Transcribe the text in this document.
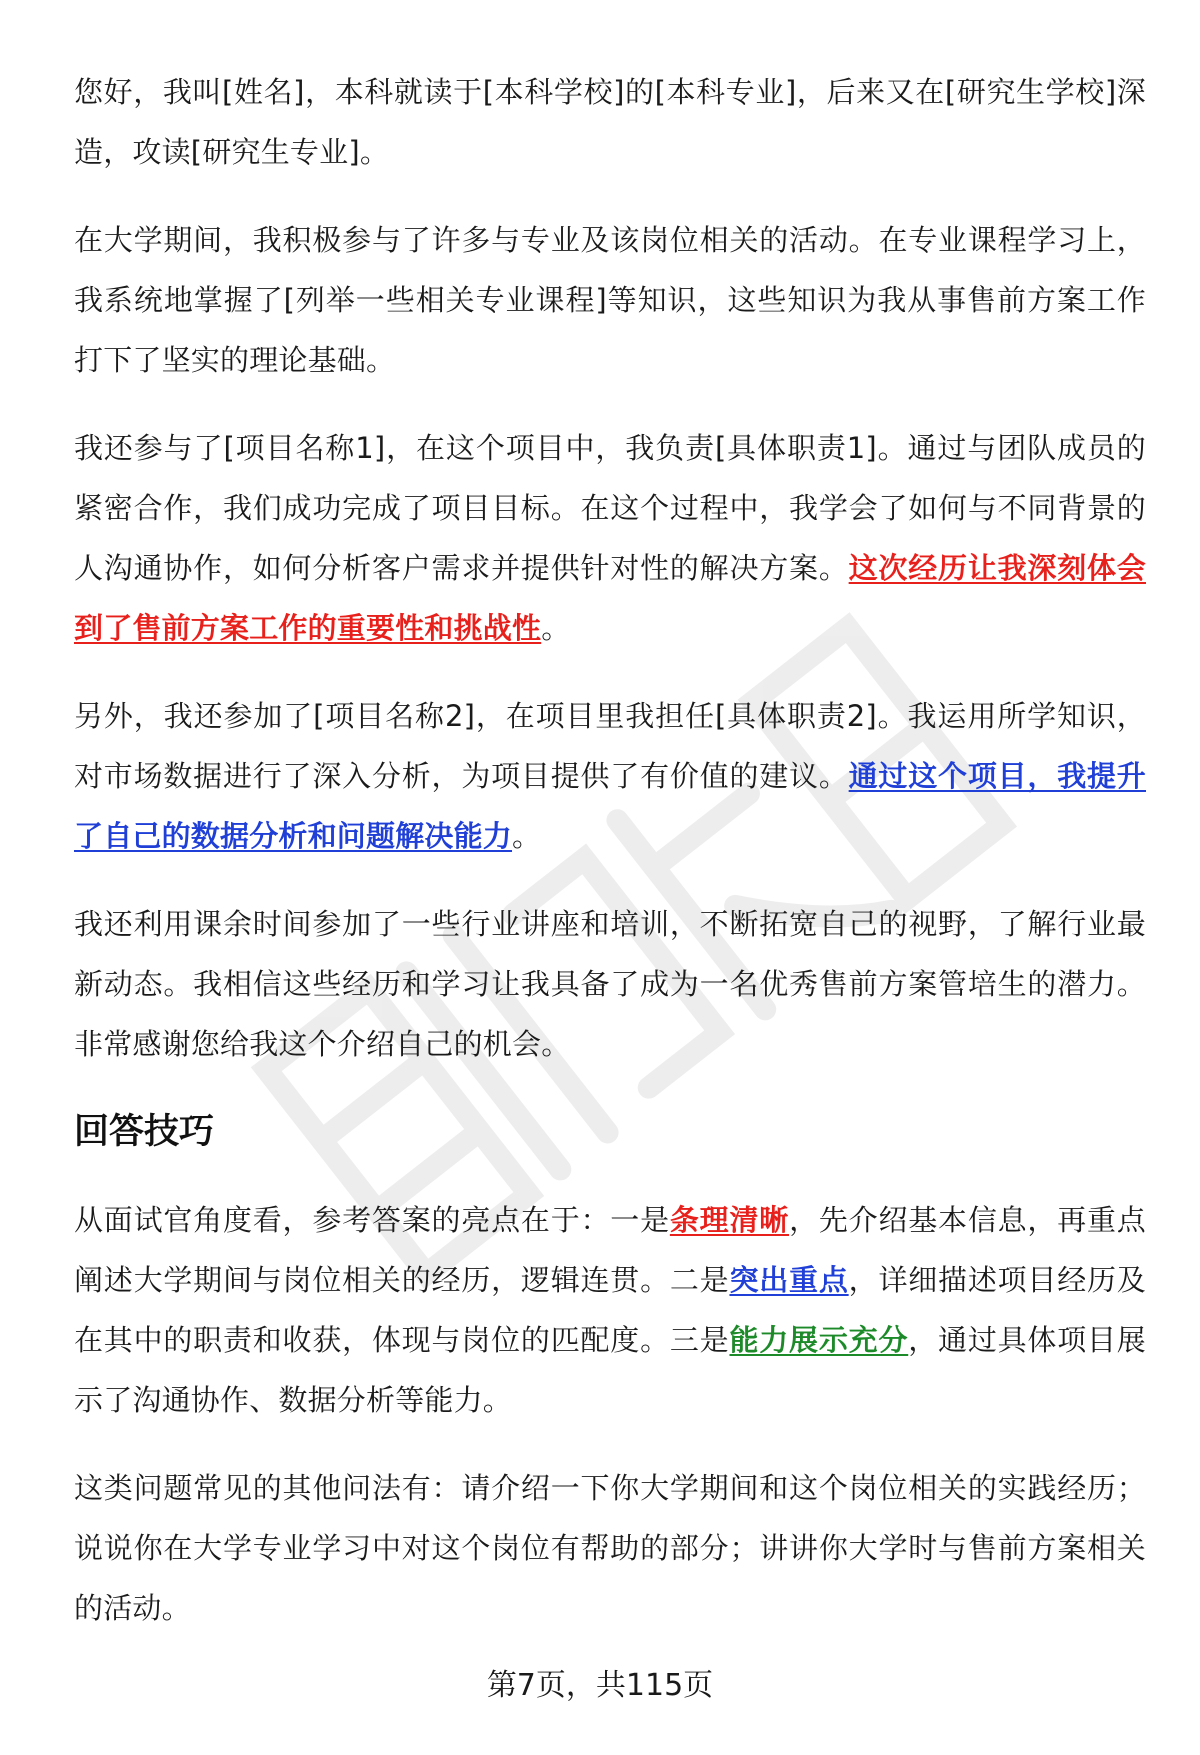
您好，我叫[姓名]，本科就读于[本科学校]的[本科专业]，后来又在[研究生学校]深造，攻读[研究生专业]。

在大学期间，我积极参与了许多与专业及该岗位相关的活动。在专业课程学习上，我系统地掌握了[列举一些相关专业课程]等知识，这些知识为我从事售前方案工作打下了坚实的理论基础。

我还参与了[项目名称1]，在这个项目中，我负责[具体职责1]。通过与团队成员的紧密合作，我们成功完成了项目目标。在这个过程中，我学会了如何与不同背景的人沟通协作，如何分析客户需求并提供针对性的解决方案。这次经历让我深刻体会到了售前方案工作的重要性和挑战性。

另外，我还参加了[项目名称2]，在项目里我担任[具体职责2]。我运用所学知识，对市场数据进行了深入分析，为项目提供了有价值的建议。通过这个项目，我提升了自己的数据分析和问题解决能力。

我还利用课余时间参加了一些行业讲座和培训，不断拓宽自己的视野，了解行业最新动态。我相信这些经历和学习让我具备了成为一名优秀售前方案管培生的潜力。非常感谢您给我这个介绍自己的机会。

回答技巧

从面试官角度看，参考答案的亮点在于：一是条理清晰，先介绍基本信息，再重点阐述大学期间与岗位相关的经历，逻辑连贯。二是突出重点，详细描述项目经历及在其中的职责和收获，体现与岗位的匹配度。三是能力展示充分，通过具体项目展示了沟通协作、数据分析等能力。

这类问题常见的其他问法有：请介绍一下你大学期间和这个岗位相关的实践经历；说说你在大学专业学习中对这个岗位有帮助的部分；讲讲你大学时与售前方案相关的活动。

第7页，共115页
